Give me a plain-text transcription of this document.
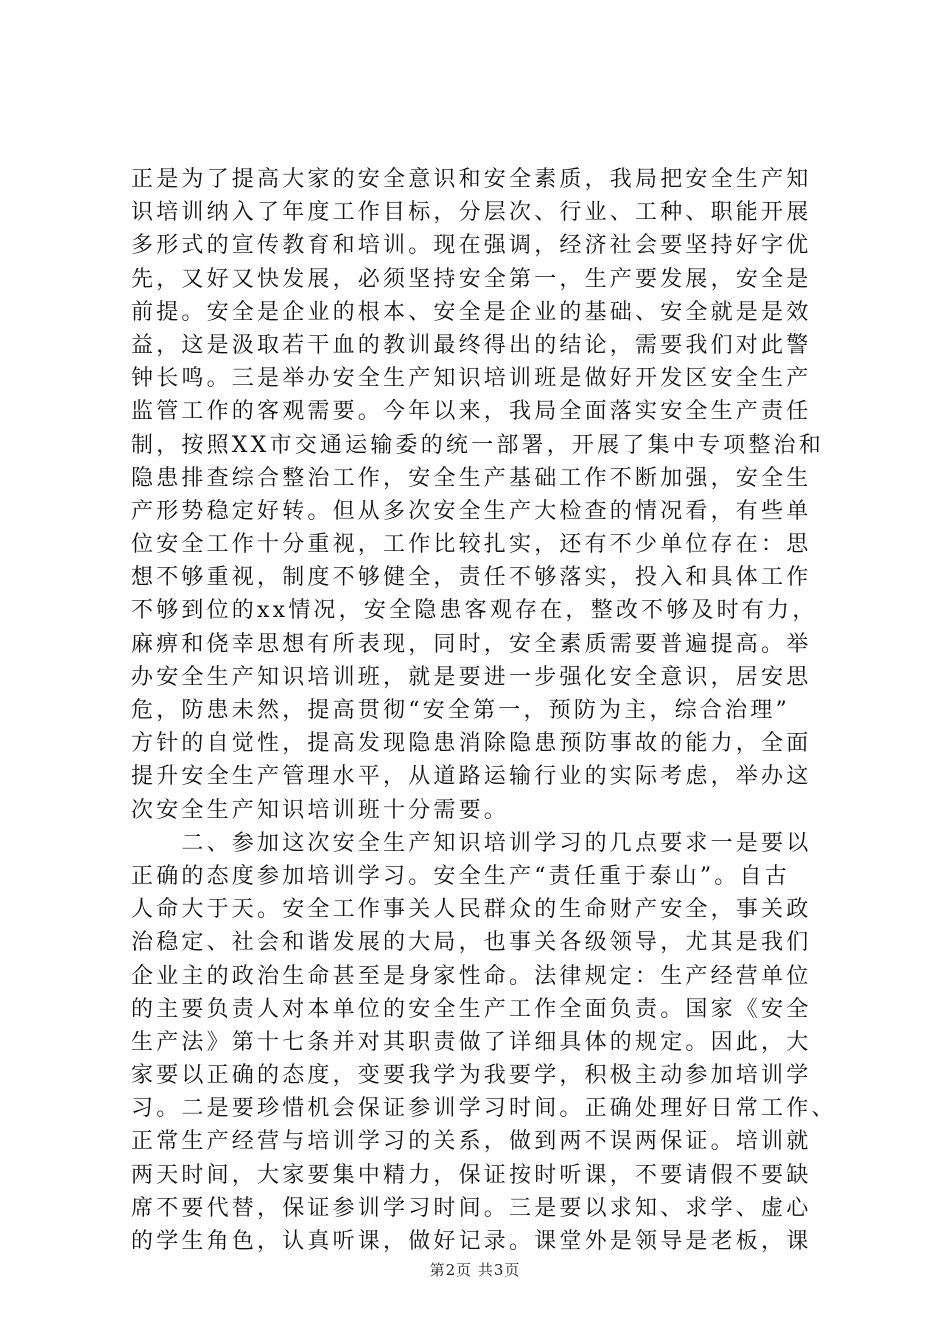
正是为了提高大家的安全意识和安全素质，我局把安全生产知
识培训纳入了年度工作目标，分层次、行业、工种、职能开展
多形式的宣传教育和培训。现在强调，经济社会要坚持好字优
先，又好又快发展，必须坚持安全第一，生产要发展，安全是
前提。安全是企业的根本、安全是企业的基础、安全就是是效
益，这是汲取若干血的教训最终得出的结论，需要我们对此警
钟长鸣。三是举办安全生产知识培训班是做好开发区安全生产
监管工作的客观需要。今年以来，我局全面落实安全生产责任
制，按照XX市交通运输委的统一部署，开展了集中专项整治和
隐患排查综合整治工作，安全生产基础工作不断加强，安全生
产形势稳定好转。但从多次安全生产大检查的情况看，有些单
位安全工作十分重视，工作比较扎实，还有不少单位存在：思
想不够重视，制度不够健全，责任不够落实，投入和具体工作
不够到位的xx情况，安全隐患客观存在，整改不够及时有力，
麻痹和侥幸思想有所表现，同时，安全素质需要普遍提高。举
办安全生产知识培训班，就是要进一步强化安全意识，居安思
危，防患未然，提高贯彻“安全第一，预防为主，综合治理”
方针的自觉性，提高发现隐患消除隐患预防事故的能力，全面
提升安全生产管理水平，从道路运输行业的实际考虑，举办这
次安全生产知识培训班十分需要。
　　二、参加这次安全生产知识培训学习的几点要求一是要以
正确的态度参加培训学习。安全生产“责任重于泰山”。自古
人命大于天。安全工作事关人民群众的生命财产安全，事关政
治稳定、社会和谐发展的大局，也事关各级领导，尤其是我们
企业主的政治生命甚至是身家性命。法律规定：生产经营单位
的主要负责人对本单位的安全生产工作全面负责。国家《安全
生产法》第十七条并对其职责做了详细具体的规定。因此，大
家要以正确的态度，变要我学为我要学，积极主动参加培训学
习。二是要珍惜机会保证参训学习时间。正确处理好日常工作、
正常生产经营与培训学习的关系，做到两不误两保证。培训就
两天时间，大家要集中精力，保证按时听课，不要请假不要缺
席不要代替，保证参训学习时间。三是要以求知、求学、虚心
的学生角色，认真听课，做好记录。课堂外是领导是老板，课
第2页 共3页
